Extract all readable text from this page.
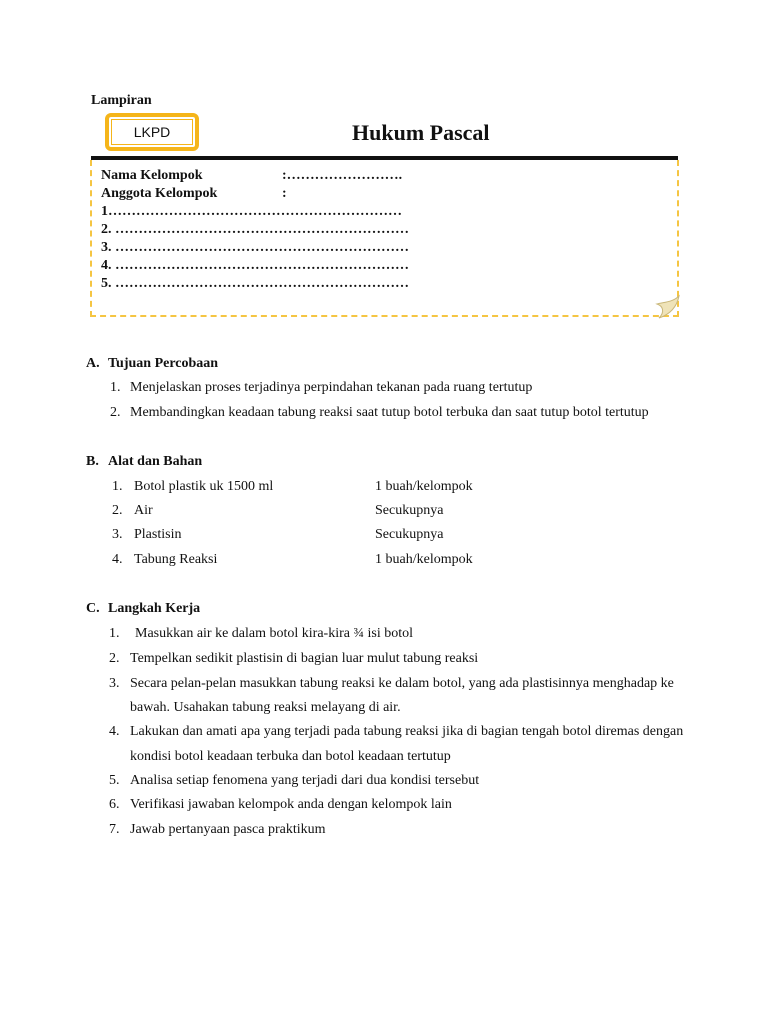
Lampiran
LKPD	Hukum Pascal
Nama Kelompok	:…………………….
Anggota Kelompok	:
1………………………………………………………
2. ………………………………………………………
3. ………………………………………………………
4. ………………………………………………………
5. ………………………………………………………
A. Tujuan Percobaan
1. Menjelaskan proses terjadinya perpindahan tekanan pada ruang tertutup
2. Membandingkan keadaan tabung reaksi saat tutup botol terbuka dan saat tutup botol tertutup
B. Alat dan Bahan
1. Botol plastik uk 1500 ml	1 buah/kelompok
2. Air	Secukupnya
3. Plastisin	Secukupnya
4. Tabung Reaksi	1 buah/kelompok
C. Langkah Kerja
1. Masukkan air ke dalam botol kira-kira ¾ isi botol
2. Tempelkan sedikit plastisin di bagian luar mulut tabung reaksi
3. Secara pelan-pelan masukkan tabung reaksi ke dalam botol, yang ada plastisinnya menghadap ke
bawah. Usahakan tabung reaksi melayang di air.
4. Lakukan dan amati apa yang terjadi pada tabung reaksi jika di bagian tengah botol diremas dengan
kondisi botol keadaan terbuka dan botol keadaan tertutup
5. Analisa setiap fenomena yang terjadi dari dua kondisi tersebut
6. Verifikasi jawaban kelompok anda dengan kelompok lain
7. Jawab pertanyaan pasca praktikum
